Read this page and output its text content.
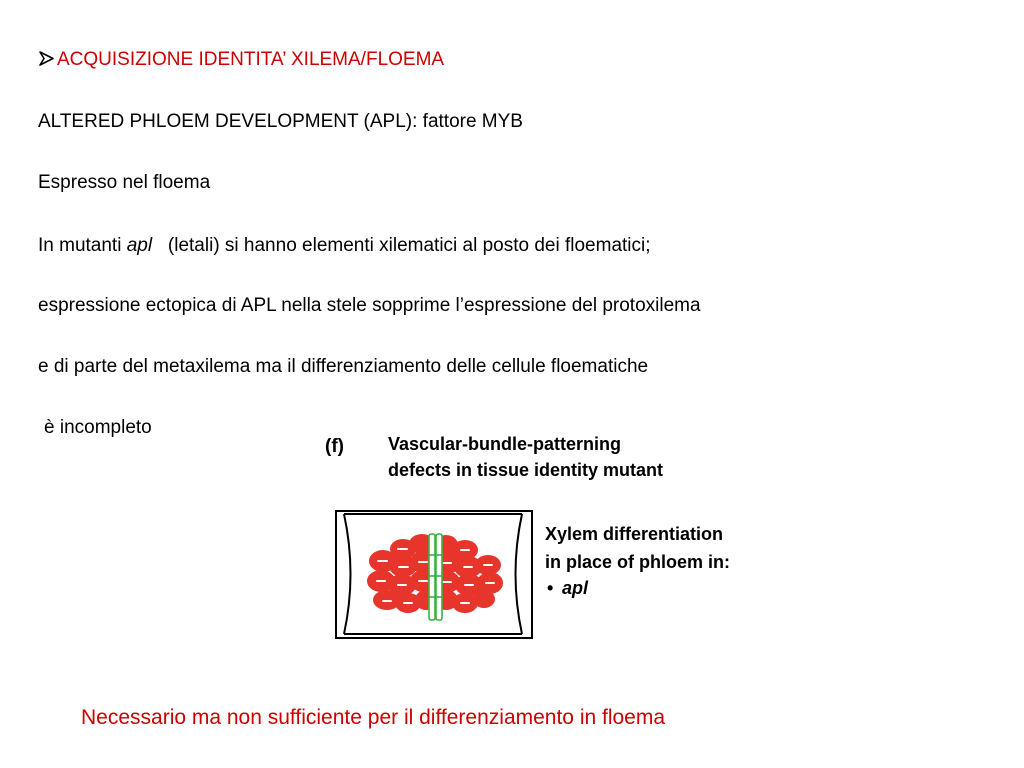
ACQUISIZIONE IDENTITA’ XILEMA/FLOEMA
ALTERED PHLOEM DEVELOPMENT (APL): fattore MYB
Espresso nel floema
In mutanti apl   (letali) si hanno elementi xilematici al posto dei floematici;
espressione ectopica di APL nella stele sopprime l’espressione del protoxilema
e di parte del metaxilema ma il differenziamento delle cellule floematiche
è incompleto
(f) Vascular-bundle-patterning
defects in tissue identity mutant
Xylem differentiation
in place of phloem in:
• apl
Necessario ma non sufficiente per il differenziamento in floema
